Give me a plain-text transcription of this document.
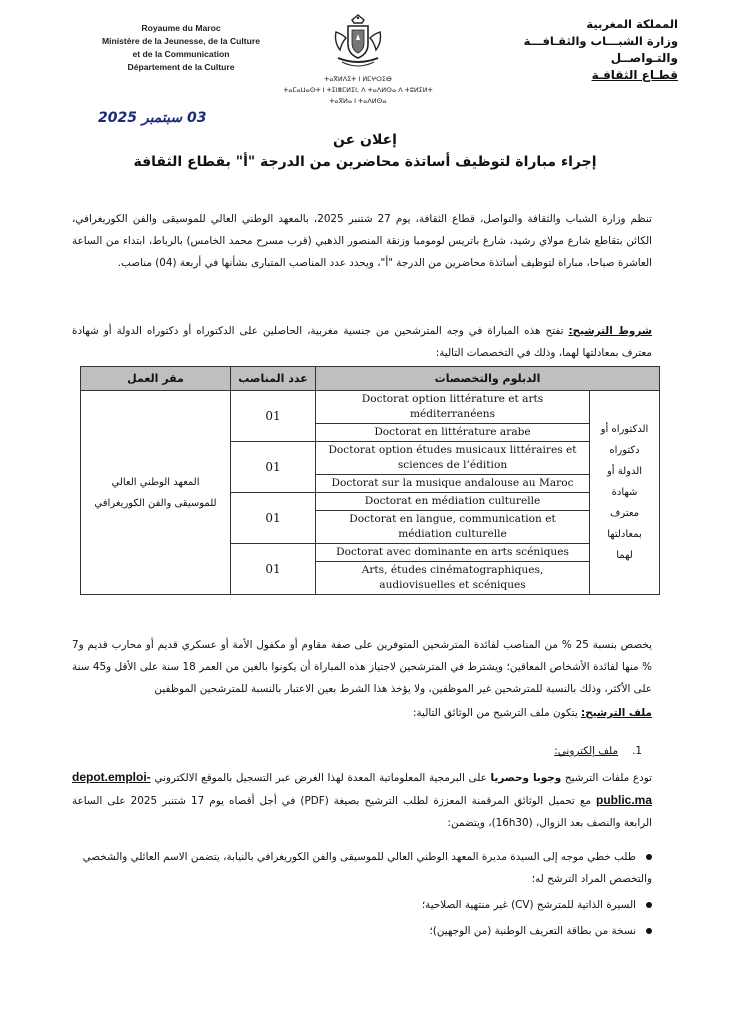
Royaume du Maroc
Ministère de la Jeunesse, de la Culture
et de la Communication
Département de la Culture
ⵜⴰⴳⵍⴷⵉⵜ ⵏ ⵍⵎⵖⵔⵉⴱ
ⵜⴰⵎⴰⵡⴰⵙⵜ ⵏ ⵜⵉⵏⴻⵎⵍⵉⵏ, ⴷ ⵜⴰⴷⵍⵙⴰ ⴷ ⵜⵓⵍⵉⵍⵜ
ⵜⴰⴳⵍⴰ ⵏ ⵜⴰⴷⵍⵙⴰ
المملكة المغربية
وزارة الشبـــاب والثقـافـــة
والتـواصــل
قطـاع الثقافـة
03 سبتمبر 2025
إعلان عن
إجراء مباراة لتوظيف أساتذة محاضرين من الدرجة "أ" بقطاع الثقافة
تنظم وزارة الشباب والثقافة والتواصل، قطاع الثقافة، يوم 27 شتنبر 2025، بالمعهد الوطني العالي للموسيقى والفن الكوريغرافي، الكائن بتقاطع شارع مولاي رشيد، شارع باتريس لومومبا وزنقة المنصور الذهبي (قرب مسرح محمد الخامس) بالرباط، ابتداء من الساعة العاشرة صباحا، مباراة لتوظيف أساتذة محاضرين من الدرجة "أ"، ويحدد عدد المناصب المتبارى بشأنها في أربعة (04) مناصب.
شروط الترشيح: تفتح هذه المباراة في وجه المترشحين من جنسية مغربية، الحاصلين على الدكتوراه أو دكتوراه الدولة أو شهادة معترف بمعادلتها لهما، وذلك في التخصصات التالية:
الدبلوم والتخصصات		عدد المناصب	مقر العمل
الدكتوراه أو دكتوراه الدولة أو شهادة معترف بمعادلتها لهما	Doctorat option littérature et arts méditerranéens	01	المعهد الوطني العالي للموسيقى والفن الكوريغرافي
	Doctorat en littérature arabe		
	Doctorat option études musicaux littéraires et sciences de l’édition	01	
	Doctorat sur la musique andalouse au Maroc		
	Doctorat en médiation culturelle	01	
	Doctorat en langue, communication et médiation culturelle		
	Doctorat avec dominante en arts scéniques	01	
	Arts, études cinématographiques, audiovisuelles et scéniques		
يخصص بنسبة 25 % من المناصب لفائدة المترشحين المتوفرين على صفة مقاوم أو مكفول الأمة أو عسكري قديم أو محارب قديم و7 % منها لفائدة الأشخاص المعاقين؛ ويشترط في المترشحين لاجتياز هذه المباراة أن يكونوا بالغين من العمر 18 سنة على الأقل و45 سنة على الأكثر، وذلك بالنسبة للمترشحين غير الموظفين، ولا يؤخذ هذا الشرط بعين الاعتبار بالنسبة للمترشحين الموظفين
ملف الترشيح: يتكون ملف الترشيح من الوثائق التالية:
1.ملف إلكتروني:
تودع ملفات الترشيح وجوبا وحصريا على البرمجية المعلوماتية المعدة لهذا الغرض عبر التسجيل بالموقع الالكتروني depot.emploi-public.ma مع تحميل الوثائق المرقمنة المعززة لطلب الترشيح بصيغة (PDF) في أجل أقصاه يوم 17 شتنبر 2025 على الساعة الرابعة والنصف بعد الزوال، (16h30)، ويتضمن:
طلب خطي موجه إلى السيدة مديرة المعهد الوطني العالي للموسيقى والفن الكوريغرافي بالنيابة، يتضمن الاسم العائلي والشخصي والتخصص المراد الترشح له؛
السيرة الذاتية للمترشح (CV) غير منتهية الصلاحية؛
نسخة من بطاقة التعريف الوطنية (من الوجهين)؛
